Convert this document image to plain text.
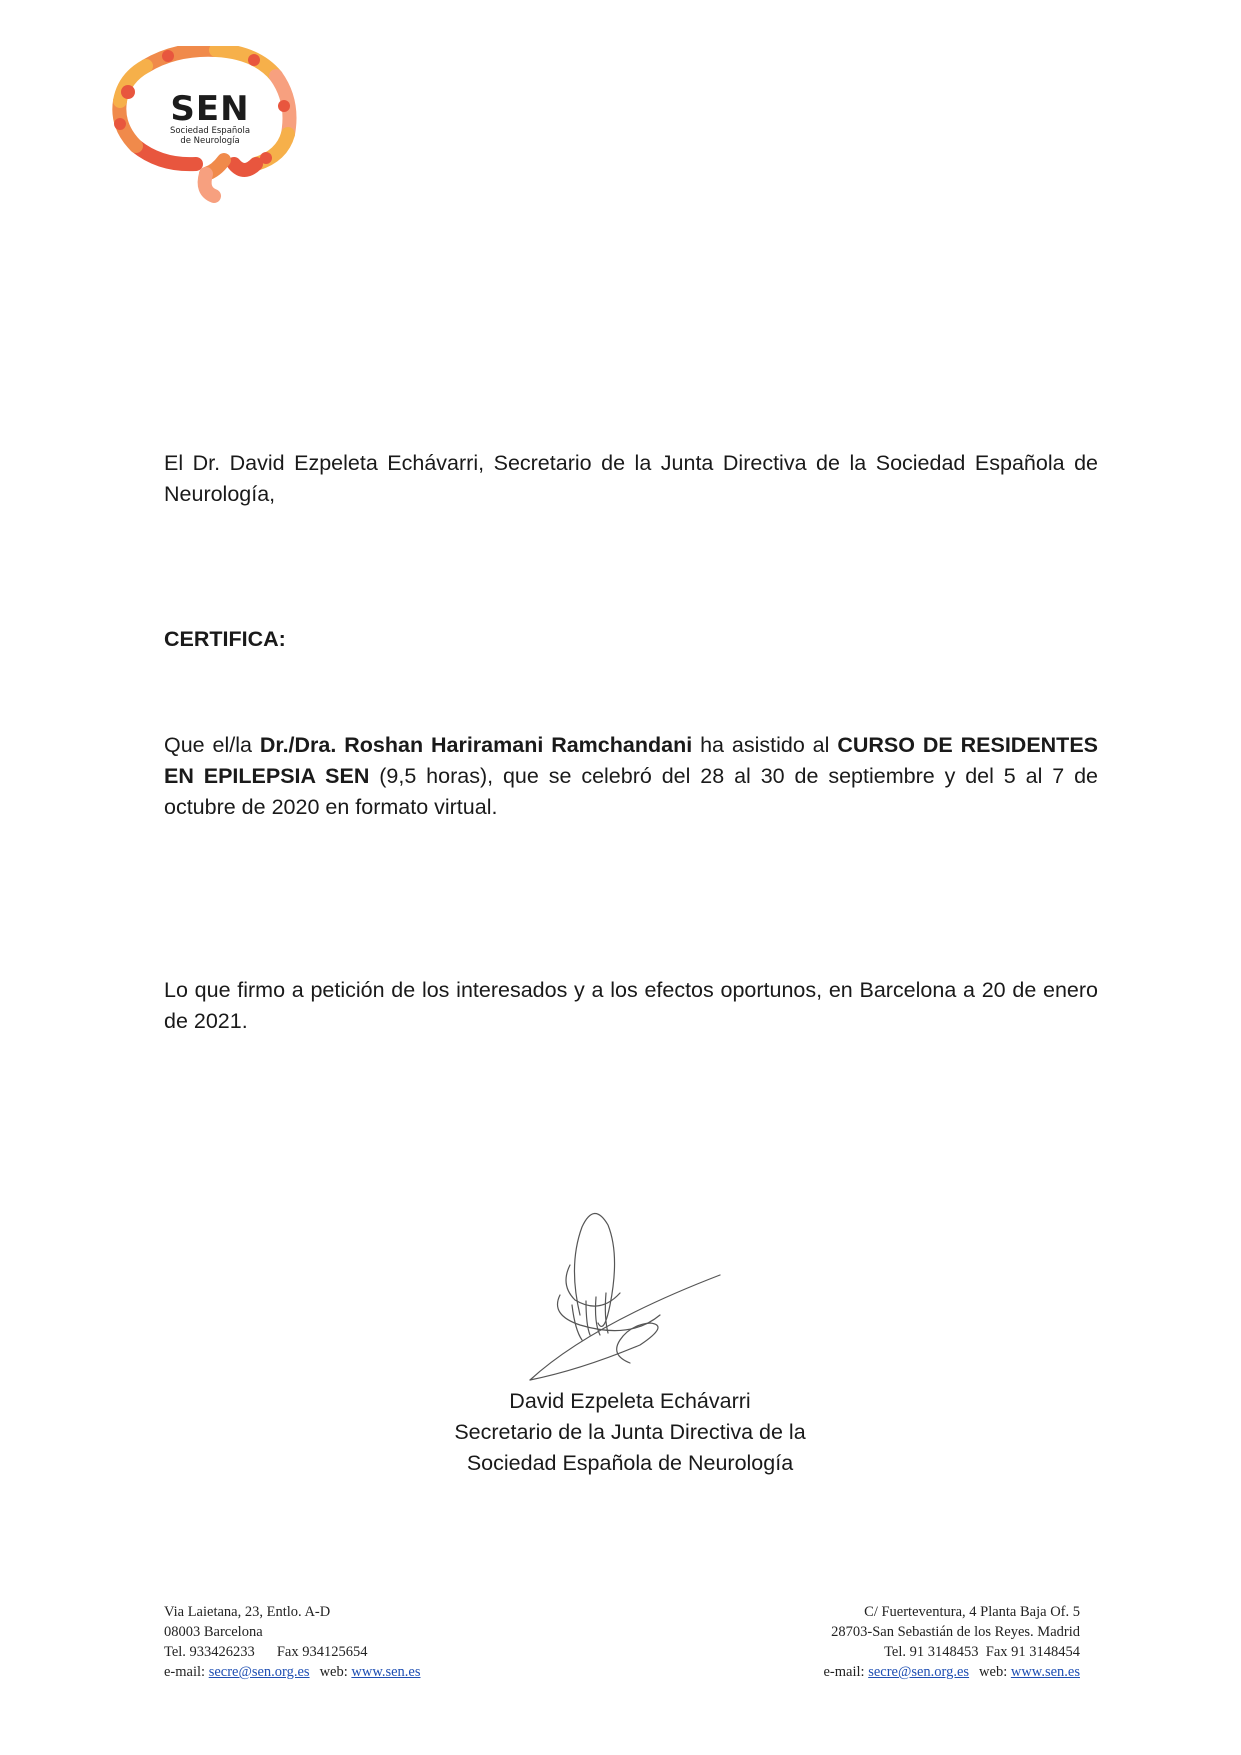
SEN
Sociedad Española
de Neurología
El Dr. David Ezpeleta Echávarri, Secretario de la Junta Directiva de la Sociedad Española de Neurología,
CERTIFICA:
Que el/la Dr./Dra. Roshan Hariramani Ramchandani ha asistido al CURSO DE RESIDENTES EN EPILEPSIA SEN (9,5 horas), que se celebró del 28 al 30 de septiembre y del 5 al 7 de octubre de 2020 en formato virtual.
Lo que firmo a petición de los interesados y a los efectos oportunos, en Barcelona a 20 de enero de 2021.
David Ezpeleta Echávarri
Secretario de la Junta Directiva de la
Sociedad Española de Neurología
Via Laietana, 23, Entlo. A-D
08003 Barcelona
Tel. 933426233 Fax 934125654
e-mail: secre@sen.org.es web: www.sen.es
C/ Fuerteventura, 4 Planta Baja Of. 5
28703-San Sebastián de los Reyes. Madrid
Tel. 91 3148453 Fax 91 3148454
e-mail: secre@sen.org.es web: www.sen.es
